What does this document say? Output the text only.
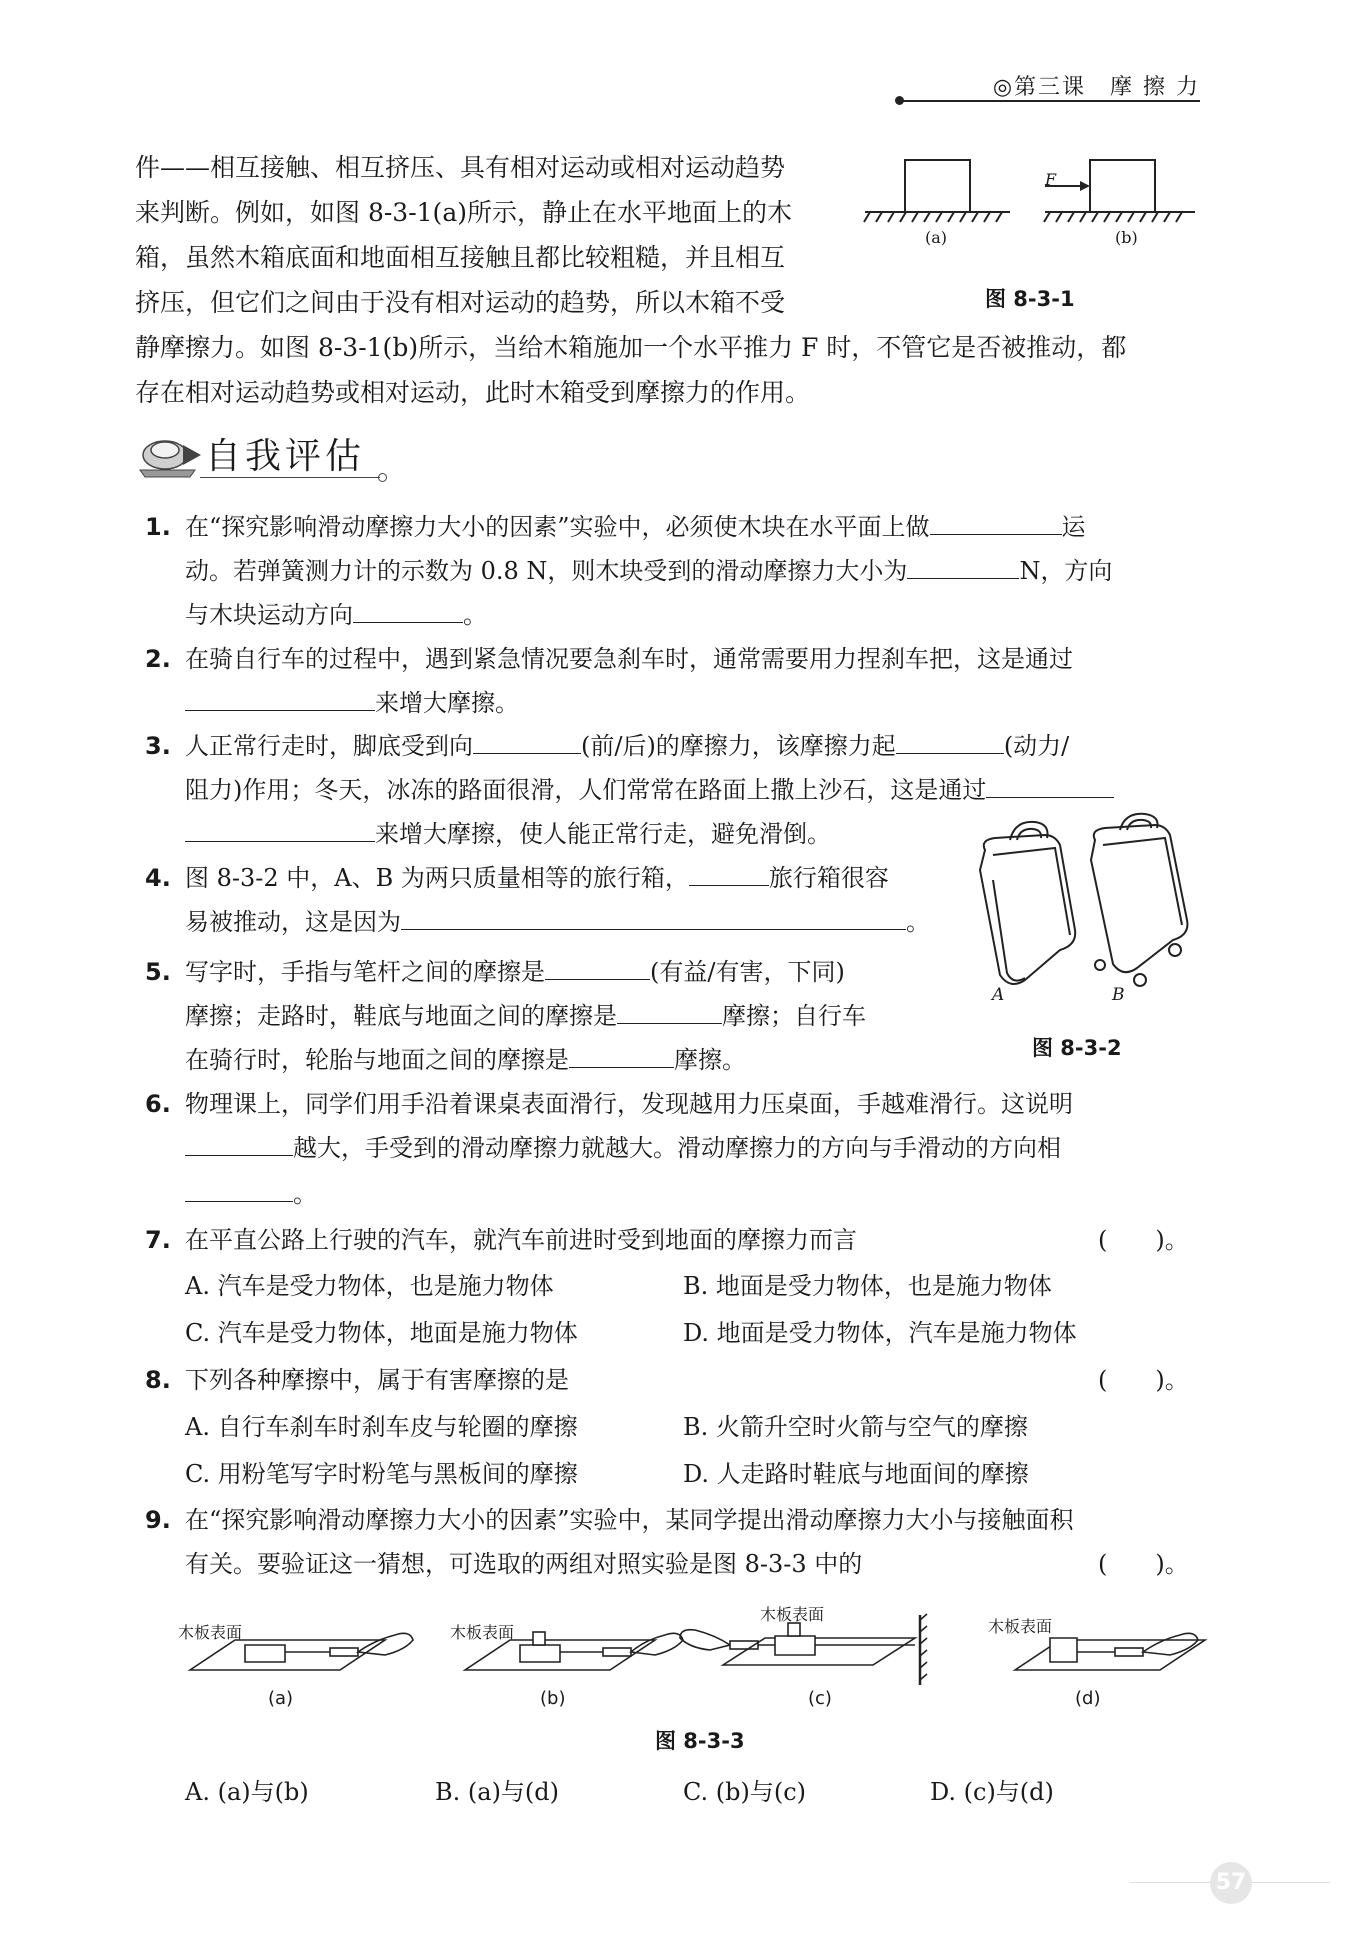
◎第三课　摩 擦 力
件——相互接触、相互挤压、具有相对运动或相对运动趋势
来判断。例如，如图 8-3-1(a)所示，静止在水平地面上的木
箱，虽然木箱底面和地面相互接触且都比较粗糙，并且相互
挤压，但它们之间由于没有相对运动的趋势，所以木箱不受
静摩擦力。如图 8-3-1(b)所示，当给木箱施加一个水平推力 F 时，不管它是否被推动，都
存在相对运动趋势或相对运动，此时木箱受到摩擦力的作用。
F
(a)	(b)
图 8-3-1
自我评估
1. 在“探究影响滑动摩擦力大小的因素”实验中，必须使木块在水平面上做	运
动。若弹簧测力计的示数为 0.8 N，则木块受到的滑动摩擦力大小为	N，方向
与木块运动方向	。
2. 在骑自行车的过程中，遇到紧急情况要急刹车时，通常需要用力捏刹车把，这是通过
来增大摩擦。
3. 人正常行走时，脚底受到向	(前/后)的摩擦力，该摩擦力起	(动力/
阻力)作用；冬天，冰冻的路面很滑，人们常常在路面上撒上沙石，这是通过
来增大摩擦，使人能正常行走，避免滑倒。
4. 图 8-3-2 中，A、B 为两只质量相等的旅行箱，	旅行箱很容
易被推动，这是因为	。
A	B
图 8-3-2
5. 写字时，手指与笔杆之间的摩擦是	(有益/有害，下同)
摩擦；走路时，鞋底与地面之间的摩擦是	摩擦；自行车
在骑行时，轮胎与地面之间的摩擦是	摩擦。
6. 物理课上，同学们用手沿着课桌表面滑行，发现越用力压桌面，手越难滑行。这说明
越大，手受到的滑动摩擦力就越大。滑动摩擦力的方向与手滑动的方向相
。
7. 在平直公路上行驶的汽车，就汽车前进时受到地面的摩擦力而言	(　　)。
A. 汽车是受力物体，也是施力物体	B. 地面是受力物体，也是施力物体
C. 汽车是受力物体，地面是施力物体	D. 地面是受力物体，汽车是施力物体
8. 下列各种摩擦中，属于有害摩擦的是	(　　)。
A. 自行车刹车时刹车皮与轮圈的摩擦	B. 火箭升空时火箭与空气的摩擦
C. 用粉笔写字时粉笔与黑板间的摩擦	D. 人走路时鞋底与地面间的摩擦
9. 在“探究影响滑动摩擦力大小的因素”实验中，某同学提出滑动摩擦力大小与接触面积
有关。要验证这一猜想，可选取的两组对照实验是图 8-3-3 中的	(　　)。
木板表面	木板表面
木板表面
木板表面
(a)	(b)	(c)	(d)
图 8-3-3
A. (a)与(b)	B. (a)与(d)	C. (b)与(c)	D. (c)与(d)
57
